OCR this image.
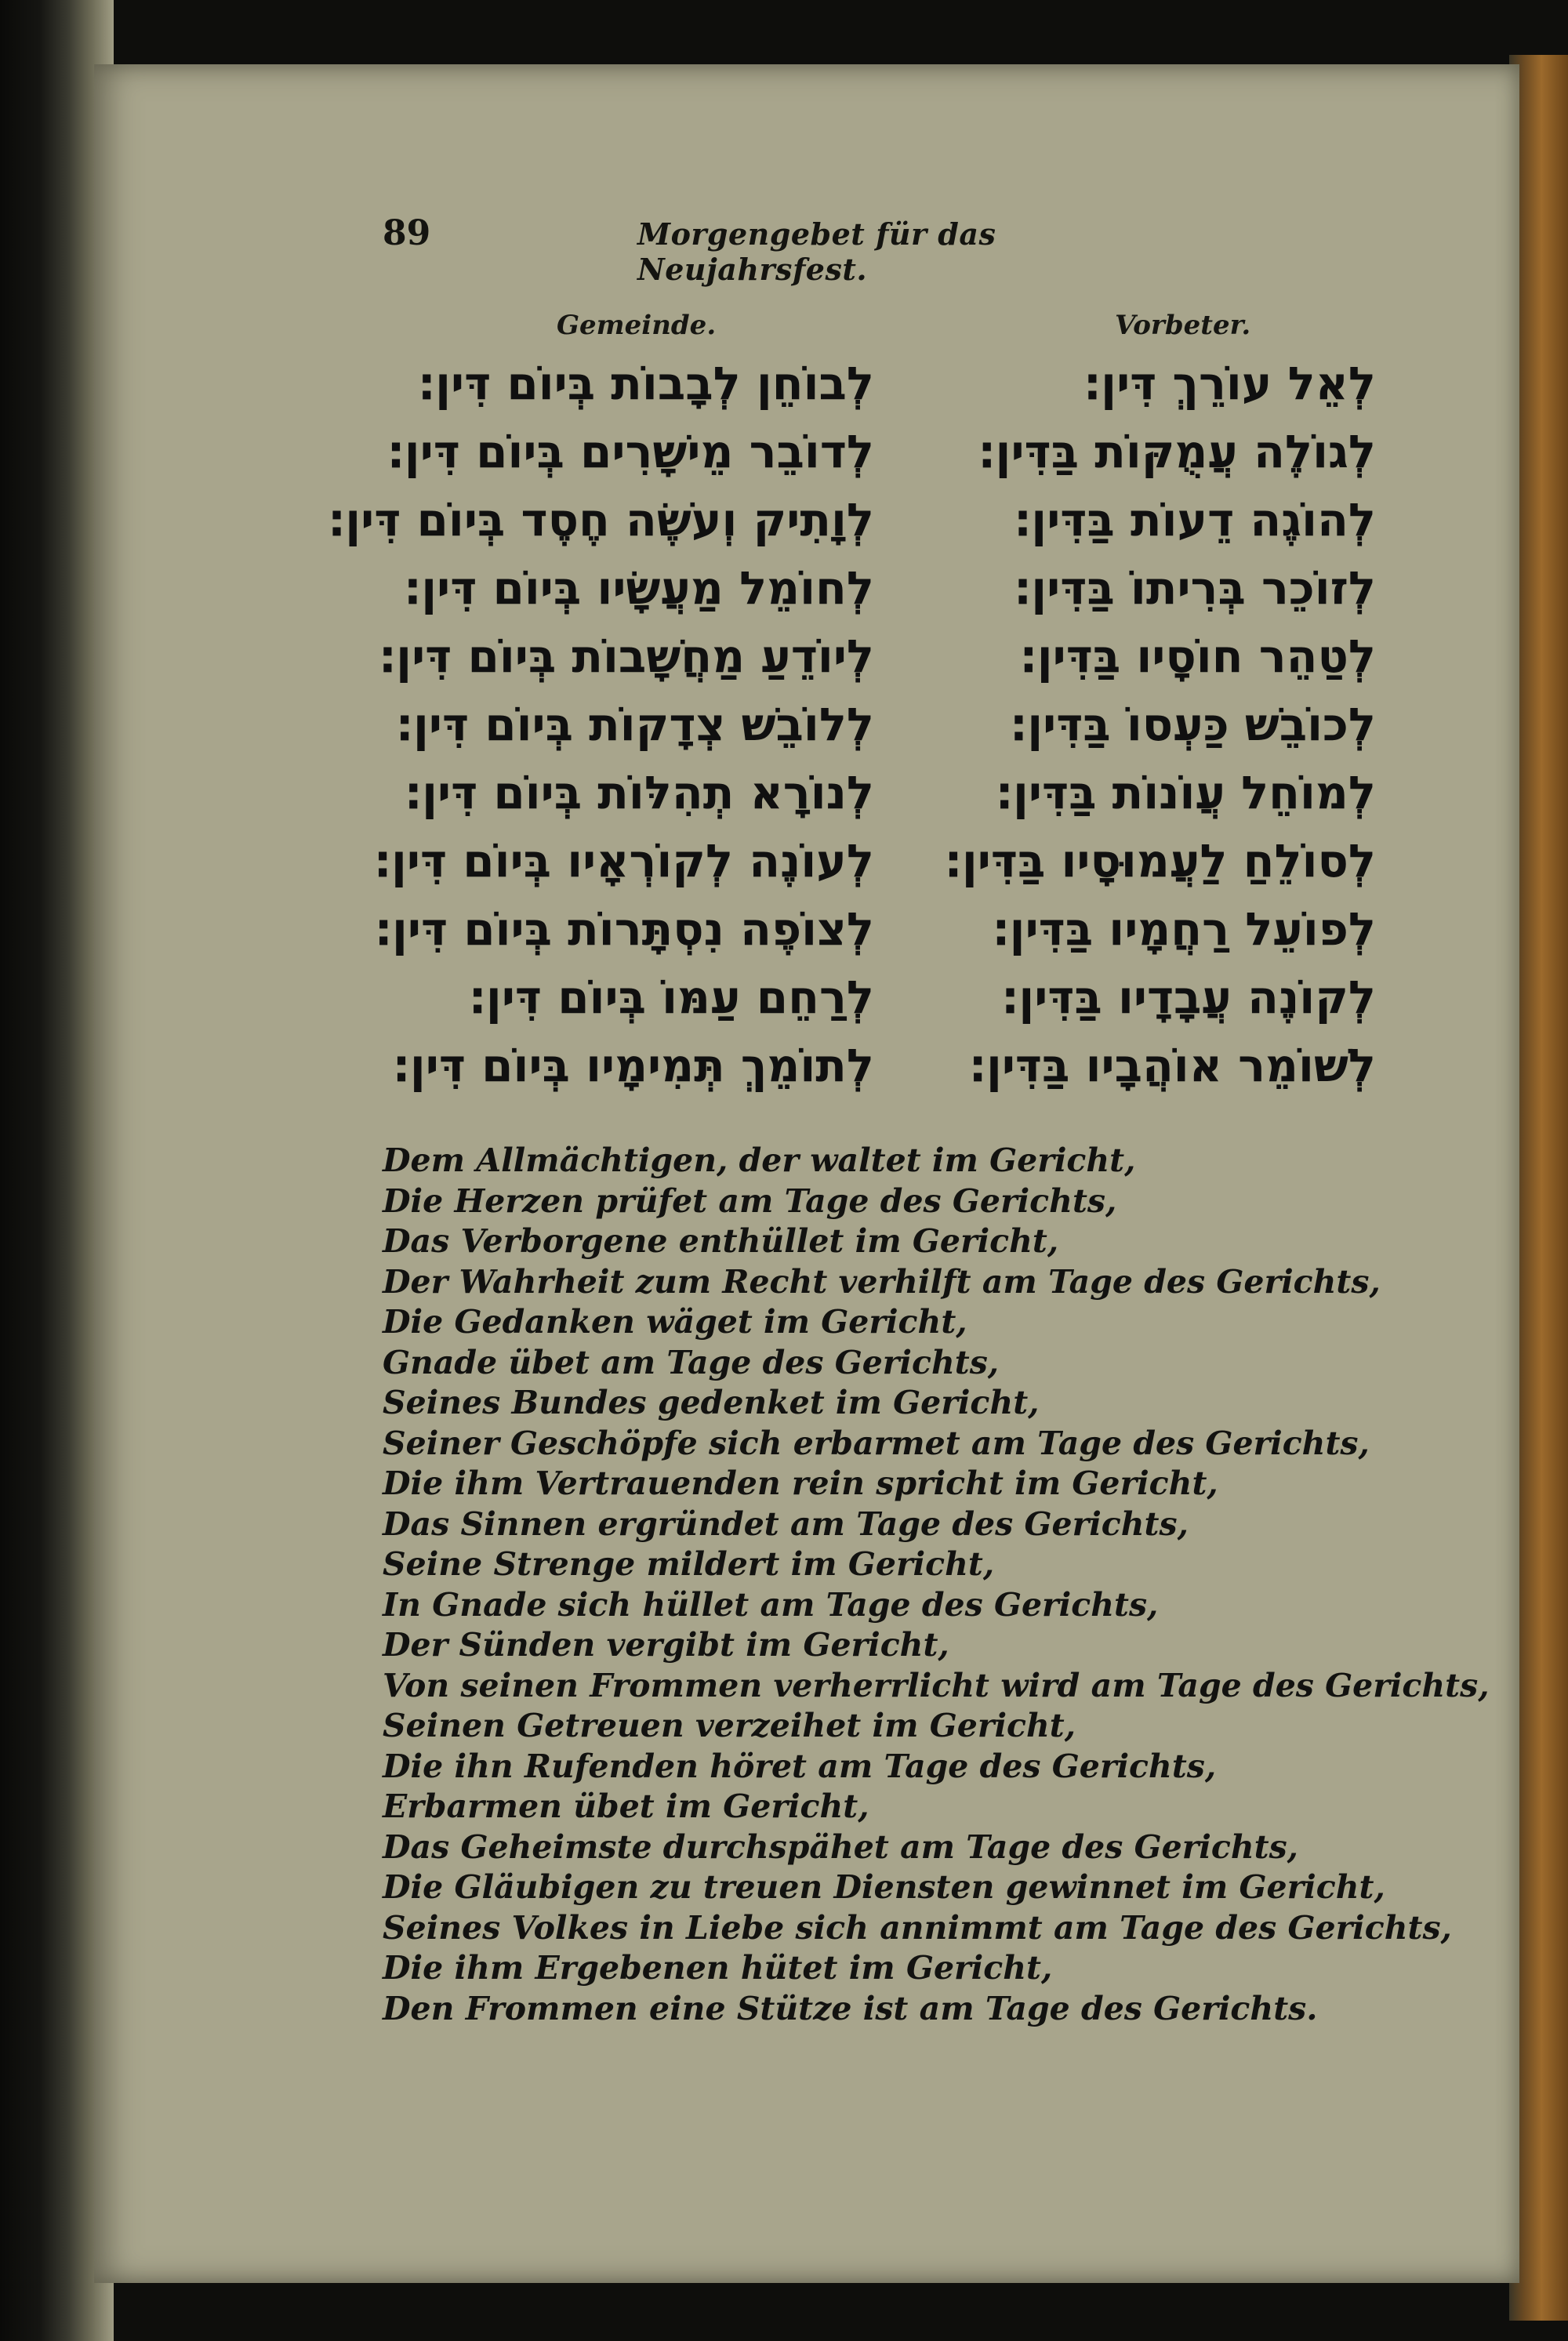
89	Morgengebet für das Neujahrsfest.
Gemeinde.	Vorbeter.
לְבוֹחֵן לְבָבוֹת בְּיוֹם דִּין׃
לְדוֹבֵר מֵישָׁרִים בְּיוֹם דִּין׃
לְוָתִיק וְעֹשֶׂה חֶסֶד בְּיוֹם דִּין׃
לְחוֹמֵל מַעֲשָׂיו בְּיוֹם דִּין׃
לְיוֹדֵעַ מַחֲשָׁבוֹת בְּיוֹם דִּין׃
לְלוֹבֵשׁ צְדָקוֹת בְּיוֹם דִּין׃
לְנוֹרָא תְהִלּוֹת בְּיוֹם דִּין׃
לְעוֹנֶה לְקוֹרְאָיו בְּיוֹם דִּין׃
לְצוֹפֶה נִסְתָּרוֹת בְּיוֹם דִּין׃
לְרַחֵם עַמּוֹ בְּיוֹם דִּין׃
לְתוֹמֵךְ תְּמִימָיו בְּיוֹם דִּין׃
לְאֵל עוֹרֵךְ דִּין׃
לְגוֹלֶה עֲמֻקּוֹת בַּדִּין׃
לְהוֹגֶה דֵעוֹת בַּדִּין׃
לְזוֹכֵר בְּרִיתוֹ בַּדִּין׃
לְטַהֵר חוֹסָיו בַּדִּין׃
לְכוֹבֵשׁ כַּעְסוֹ בַּדִּין׃
לְמוֹחֵל עֲוֹנוֹת בַּדִּין׃
לְסוֹלֵחַ לַעֲמוּסָיו בַּדִּין׃
לְפוֹעֵל רַחֲמָיו בַּדִּין׃
לְקוֹנֶה עֲבָדָיו בַּדִּין׃
לְשׁוֹמֵר אוֹהֲבָיו בַּדִּין׃
Dem Allmächtigen, der waltet im Gericht,
Die Herzen prüfet am Tage des Gerichts,
Das Verborgene enthüllet im Gericht,
Der Wahrheit zum Recht verhilft am Tage des Gerichts,
Die Gedanken wäget im Gericht,
Gnade übet am Tage des Gerichts,
Seines Bundes gedenket im Gericht,
Seiner Geschöpfe sich erbarmet am Tage des Gerichts,
Die ihm Vertrauenden rein spricht im Gericht,
Das Sinnen ergründet am Tage des Gerichts,
Seine Strenge mildert im Gericht,
In Gnade sich hüllet am Tage des Gerichts,
Der Sünden vergibt im Gericht,
Von seinen Frommen verherrlicht wird am Tage des Gerichts,
Seinen Getreuen verzeihet im Gericht,
Die ihn Rufenden höret am Tage des Gerichts,
Erbarmen übet im Gericht,
Das Geheimste durchspähet am Tage des Gerichts,
Die Gläubigen zu treuen Diensten gewinnet im Gericht,
Seines Volkes in Liebe sich annimmt am Tage des Gerichts,
Die ihm Ergebenen hütet im Gericht,
Den Frommen eine Stütze ist am Tage des Gerichts.
